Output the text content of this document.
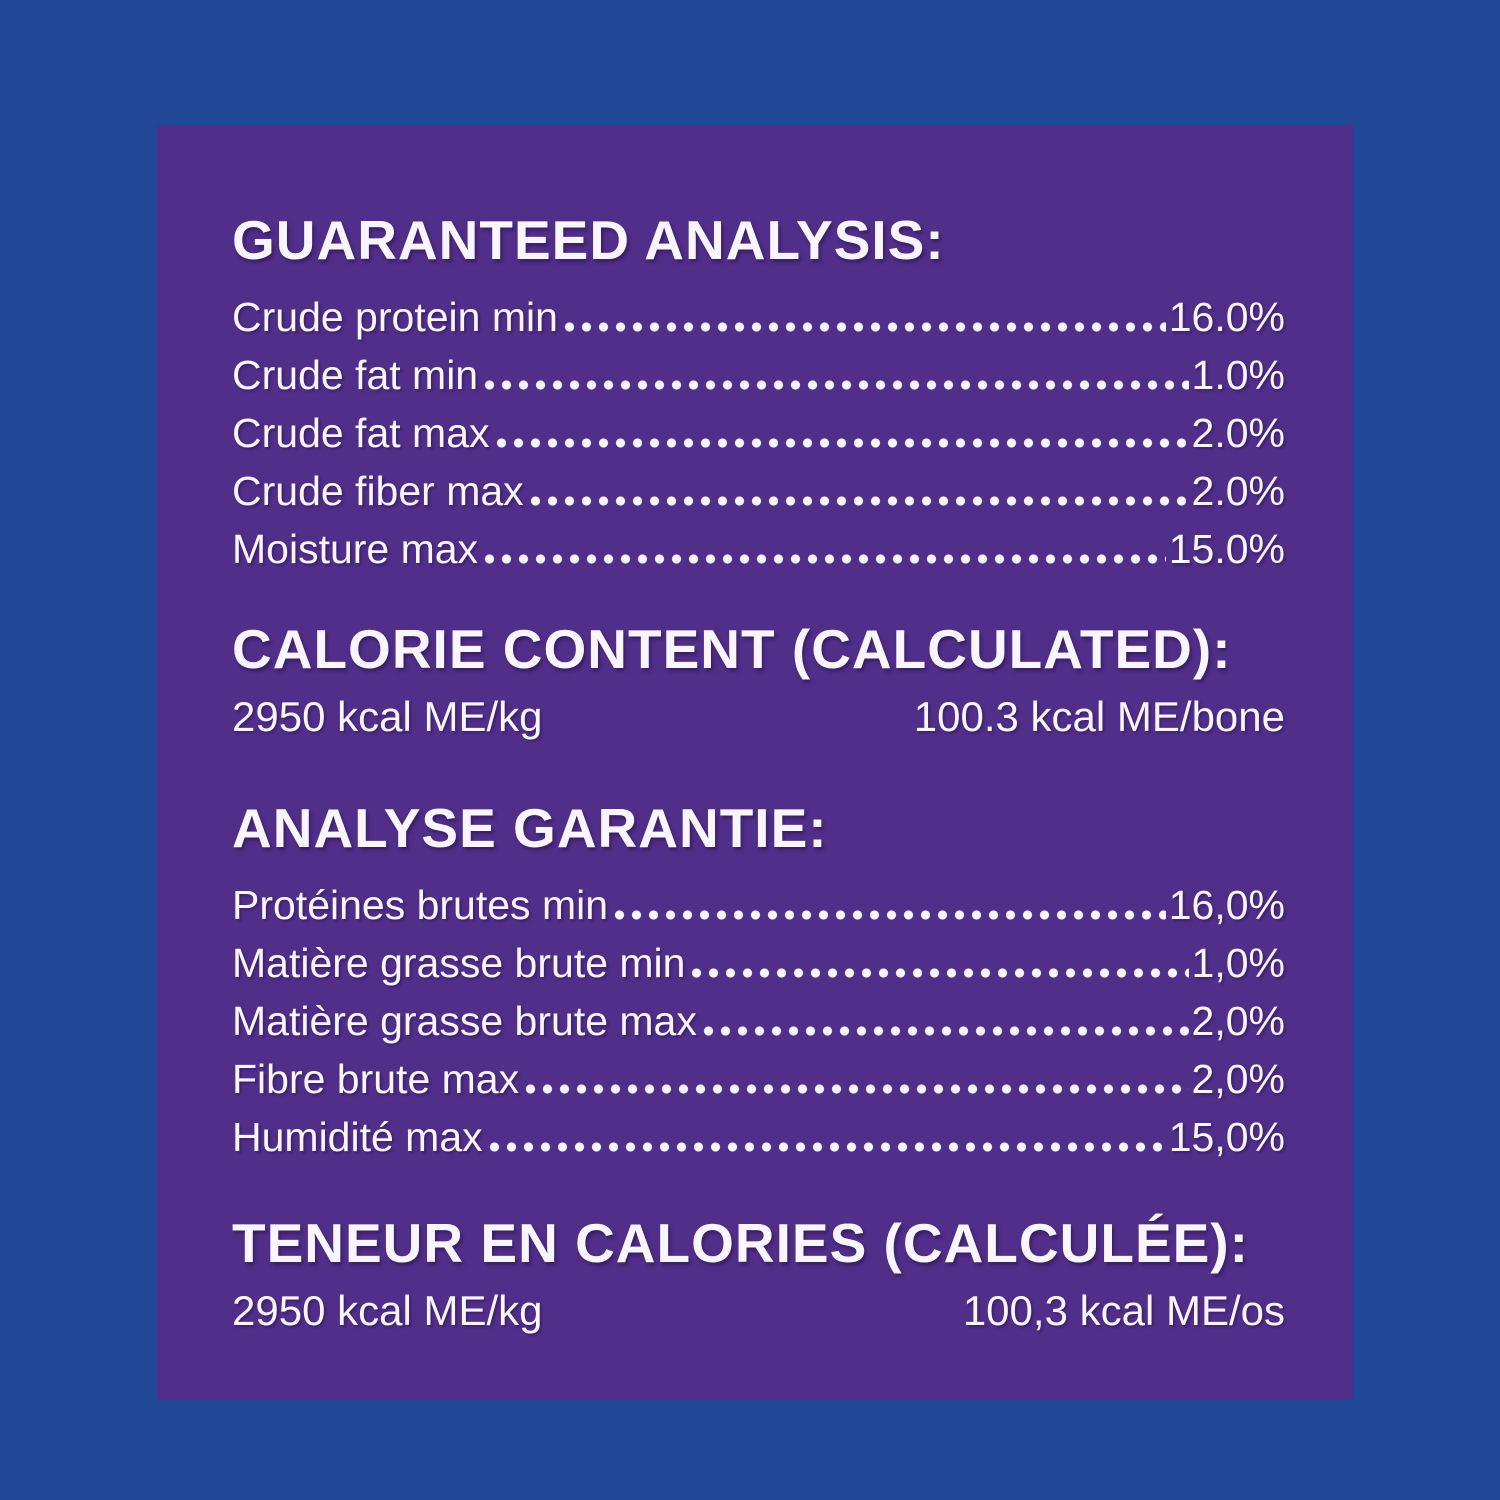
GUARANTEED ANALYSIS:
Crude protein min	16.0%
Crude fat min	1.0%
Crude fat max	2.0%
Crude fiber max	2.0%
Moisture max	15.0%
CALORIE CONTENT (CALCULATED):
2950 kcal ME/kg	100.3 kcal ME/bone
ANALYSE GARANTIE:
Protéines brutes min	16,0%
Matière grasse brute min	1,0%
Matière grasse brute max	2,0%
Fibre brute max	2,0%
Humidité max	15,0%
TENEUR EN CALORIES (CALCULÉE):
2950 kcal ME/kg	100,3 kcal ME/os
